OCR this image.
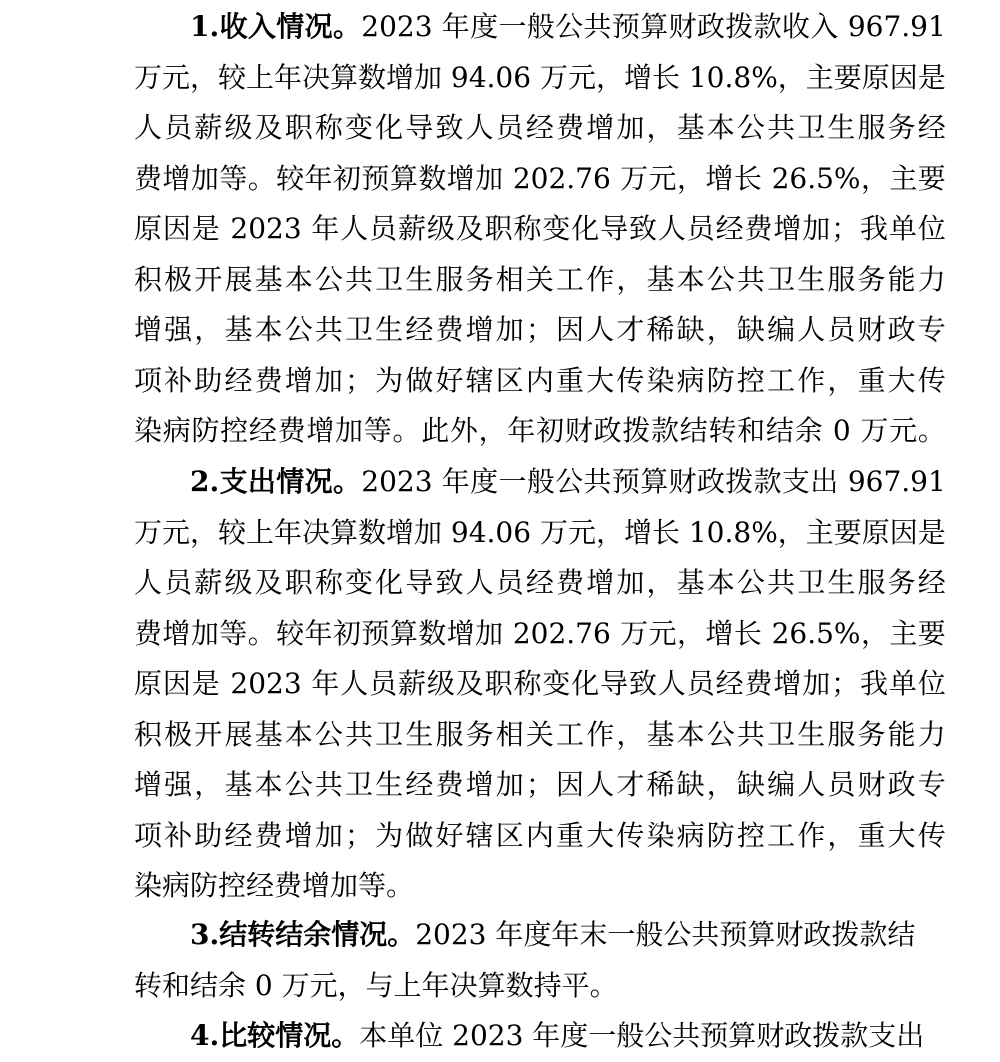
1.收入情况。2023 年度一般公共预算财政拨款收入 967.91
万元，较上年决算数增加 94.06 万元，增长 10.8%，主要原因是
人员薪级及职称变化导致人员经费增加，基本公共卫生服务经
费增加等。较年初预算数增加 202.76 万元，增长 26.5%，主要
原因是 2023 年人员薪级及职称变化导致人员经费增加；我单位
积极开展基本公共卫生服务相关工作，基本公共卫生服务能力
增强，基本公共卫生经费增加；因人才稀缺，缺编人员财政专
项补助经费增加；为做好辖区内重大传染病防控工作，重大传
染病防控经费增加等。此外，年初财政拨款结转和结余 0 万元。
2.支出情况。2023 年度一般公共预算财政拨款支出 967.91
万元，较上年决算数增加 94.06 万元，增长 10.8%，主要原因是
人员薪级及职称变化导致人员经费增加，基本公共卫生服务经
费增加等。较年初预算数增加 202.76 万元，增长 26.5%，主要
原因是 2023 年人员薪级及职称变化导致人员经费增加；我单位
积极开展基本公共卫生服务相关工作，基本公共卫生服务能力
增强，基本公共卫生经费增加；因人才稀缺，缺编人员财政专
项补助经费增加；为做好辖区内重大传染病防控工作，重大传
染病防控经费增加等。
3.结转结余情况。2023 年度年末一般公共预算财政拨款结
转和结余 0 万元，与上年决算数持平。
4.比较情况。本单位 2023 年度一般公共预算财政拨款支出
